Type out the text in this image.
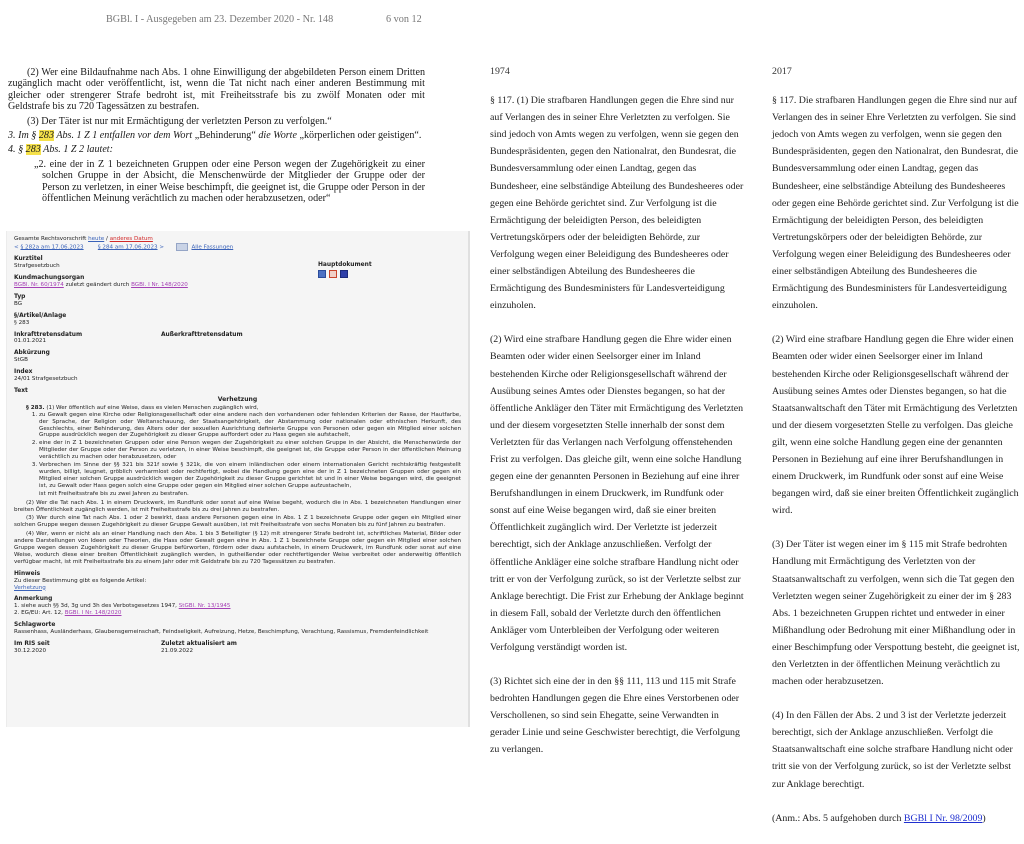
BGBl. I - Ausgegeben am 23. Dezember 2020 - Nr. 148	6 von 12

(2) Wer eine Bildaufnahme nach Abs. 1 ohne Einwilligung der abgebildeten Person einem Dritten zugänglich macht oder veröffentlicht, ist, wenn die Tat nicht nach einer anderen Bestimmung mit gleicher oder strengerer Strafe bedroht ist, mit Freiheitsstrafe bis zu zwölf Monaten oder mit Geldstrafe bis zu 720 Tagessätzen zu bestrafen.

(3) Der Täter ist nur mit Ermächtigung der verletzten Person zu verfolgen.“

3. Im § 283 Abs. 1 Z 1 entfallen vor dem Wort „Behinderung“ die Worte „körperlichen oder geistigen“.

4. § 283 Abs. 1 Z 2 lautet:

„2. eine der in Z 1 bezeichneten Gruppen oder eine Person wegen der Zugehörigkeit zu einer solchen Gruppe in der Absicht, die Menschenwürde der Mitglieder der Gruppe oder der Person zu verletzen, in einer Weise beschimpft, die geeignet ist, die Gruppe oder Person in der öffentlichen Meinung verächtlich zu machen oder herabzusetzen, oder“

Gesamte Rechtsvorschrift heute / anderes Datum
< § 282a am 17.06.2023	§ 284 am 17.06.2023 >	Alle Fassungen
Kurztitel
Strafgesetzbuch	Hauptdokument
Kundmachungsorgan
BGBl. Nr. 60/1974 zuletzt geändert durch BGBl. I Nr. 148/2020
Typ
BG
§/Artikel/Anlage
§ 283
Inkrafttretensdatum
01.01.2021
Außerkrafttretensdatum
Abkürzung
StGB
Index
24/01 Strafgesetzbuch
Text
Verhetzung
§ 283. (1) Wer öffentlich auf eine Weise, dass es vielen Menschen zugänglich wird,
1. zu Gewalt gegen eine Kirche oder Religionsgesellschaft oder eine andere nach den vorhandenen oder fehlenden Kriterien der Rasse, der Hautfarbe, der Sprache, der Religion oder Weltanschauung, der Staatsangehörigkeit, der Abstammung oder nationalen oder ethnischen Herkunft, des Geschlechts, einer Behinderung, des Alters oder der sexuellen Ausrichtung definierte Gruppe von Personen oder gegen ein Mitglied einer solchen Gruppe ausdrücklich wegen der Zugehörigkeit zu dieser Gruppe auffordert oder zu Hass gegen sie aufstachelt,
2. eine der in Z 1 bezeichneten Gruppen oder eine Person wegen der Zugehörigkeit zu einer solchen Gruppe in der Absicht, die Menschenwürde der Mitglieder der Gruppe oder der Person zu verletzen, in einer Weise beschimpft, die geeignet ist, die Gruppe oder Person in der öffentlichen Meinung verächtlich zu machen oder herabzusetzen, oder
3. Verbrechen im Sinne der §§ 321 bis 321f sowie § 321k, die von einem inländischen oder einem internationalen Gericht rechtskräftig festgestellt wurden, billigt, leugnet, gröblich verharmlost oder rechtfertigt, wobei die Handlung gegen eine der in Z 1 bezeichneten Gruppen oder gegen ein Mitglied einer solchen Gruppe ausdrücklich wegen der Zugehörigkeit zu dieser Gruppe gerichtet ist und in einer Weise begangen wird, die geeignet ist, zu Gewalt oder Hass gegen solch eine Gruppe oder gegen ein Mitglied einer solchen Gruppe aufzustacheln,
ist mit Freiheitsstrafe bis zu zwei Jahren zu bestrafen.
(2) Wer die Tat nach Abs. 1 in einem Druckwerk, im Rundfunk oder sonst auf eine Weise begeht, wodurch die in Abs. 1 bezeichneten Handlungen einer breiten Öffentlichkeit zugänglich werden, ist mit Freiheitsstrafe bis zu drei Jahren zu bestrafen.
(3) Wer durch eine Tat nach Abs. 1 oder 2 bewirkt, dass andere Personen gegen eine in Abs. 1 Z 1 bezeichnete Gruppe oder gegen ein Mitglied einer solchen Gruppe wegen dessen Zugehörigkeit zu dieser Gruppe Gewalt ausüben, ist mit Freiheitsstrafe von sechs Monaten bis zu fünf Jahren zu bestrafen.
(4) Wer, wenn er nicht als an einer Handlung nach den Abs. 1 bis 3 Beteiligter (§ 12) mit strengerer Strafe bedroht ist, schriftliches Material, Bilder oder andere Darstellungen von Ideen oder Theorien, die Hass oder Gewalt gegen eine in Abs. 1 Z 1 bezeichnete Gruppe oder gegen ein Mitglied einer solchen Gruppe wegen dessen Zugehörigkeit zu dieser Gruppe befürworten, fördern oder dazu aufstacheln, in einem Druckwerk, im Rundfunk oder sonst auf eine Weise, wodurch diese einer breiten Öffentlichkeit zugänglich werden, in gutheißender oder rechtfertigender Weise verbreitet oder anderweitig öffentlich verfügbar macht, ist mit Freiheitsstrafe bis zu einem Jahr oder mit Geldstrafe bis zu 720 Tagessätzen zu bestrafen.
Hinweis
Zu dieser Bestimmung gibt es folgende Artikel:
Verhetzung
Anmerkung
1. siehe auch §§ 3d, 3g und 3h des Verbotsgesetzes 1947, StGBl. Nr. 13/1945
2. EG/EU: Art. 12, BGBl. I Nr. 148/2020
Schlagworte
Rassenhass, Ausländerhass, Glaubensgemeinschaft, Feindseligkeit, Aufreizung, Hetze, Beschimpfung, Verachtung, Rassismus, Fremdenfeindlichkeit
Im RIS seit
30.12.2020
Zuletzt aktualisiert am
21.09.2022
1974

§ 117. (1) Die strafbaren Handlungen gegen die Ehre sind nur auf Verlangen des in seiner Ehre Verletzten zu verfolgen. Sie sind jedoch von Amts wegen zu verfolgen, wenn sie gegen den Bundespräsidenten, gegen den Nationalrat, den Bundesrat, die Bundesversammlung oder einen Landtag, gegen das Bundesheer, eine selbständige Abteilung des Bundesheeres oder gegen eine Behörde gerichtet sind. Zur Verfolgung ist die Ermächtigung der beleidigten Person, des beleidigten Vertretungskörpers oder der beleidigten Behörde, zur Verfolgung wegen einer Beleidigung des Bundesheeres oder einer selbständigen Abteilung des Bundesheeres die Ermächtigung des Bundesministers für Landesverteidigung einzuholen.

(2) Wird eine strafbare Handlung gegen die Ehre wider einen Beamten oder wider einen Seelsorger einer im Inland bestehenden Kirche oder Religionsgesellschaft während der Ausübung seines Amtes oder Dienstes begangen, so hat der öffentliche Ankläger den Täter mit Ermächtigung des Verletzten und der diesem vorgesetzten Stelle innerhalb der sonst dem Verletzten für das Verlangen nach Verfolgung offenstehenden Frist zu verfolgen. Das gleiche gilt, wenn eine solche Handlung gegen eine der genannten Personen in Beziehung auf eine ihrer Berufshandlungen in einem Druckwerk, im Rundfunk oder sonst auf eine Weise begangen wird, daß sie einer breiten Öffentlichkeit zugänglich wird. Der Verletzte ist jederzeit berechtigt, sich der Anklage anzuschließen. Verfolgt der öffentliche Ankläger eine solche strafbare Handlung nicht oder tritt er von der Verfolgung zurück, so ist der Verletzte selbst zur Anklage berechtigt. Die Frist zur Erhebung der Anklage beginnt in diesem Fall, sobald der Verletzte durch den öffentlichen Ankläger vom Unterbleiben der Verfolgung oder weiteren Verfolgung verständigt worden ist.

(3) Richtet sich eine der in den §§ 111, 113 und 115 mit Strafe bedrohten Handlungen gegen die Ehre eines Verstorbenen oder Verschollenen, so sind sein Ehegatte, seine Verwandten in gerader Linie und seine Geschwister berechtigt, die Verfolgung zu verlangen.

2017

§ 117. Die strafbaren Handlungen gegen die Ehre sind nur auf Verlangen des in seiner Ehre Verletzten zu verfolgen. Sie sind jedoch von Amts wegen zu verfolgen, wenn sie gegen den Bundespräsidenten, gegen den Nationalrat, den Bundesrat, die Bundesversammlung oder einen Landtag, gegen das Bundesheer, eine selbständige Abteilung des Bundesheeres oder gegen eine Behörde gerichtet sind. Zur Verfolgung ist die Ermächtigung der beleidigten Person, des beleidigten Vertretungskörpers oder der beleidigten Behörde, zur Verfolgung wegen einer Beleidigung des Bundesheeres oder einer selbständigen Abteilung des Bundesheeres die Ermächtigung des Bundesministers für Landesverteidigung einzuholen.

(2) Wird eine strafbare Handlung gegen die Ehre wider einen Beamten oder wider einen Seelsorger einer im Inland bestehenden Kirche oder Religionsgesellschaft während der Ausübung seines Amtes oder Dienstes begangen, so hat die Staatsanwaltschaft den Täter mit Ermächtigung des Verletzten und der diesem vorgesetzten Stelle zu verfolgen. Das gleiche gilt, wenn eine solche Handlung gegen eine der genannten Personen in Beziehung auf eine ihrer Berufshandlungen in einem Druckwerk, im Rundfunk oder sonst auf eine Weise begangen wird, daß sie einer breiten Öffentlichkeit zugänglich wird.

(3) Der Täter ist wegen einer im § 115 mit Strafe bedrohten Handlung mit Ermächtigung des Verletzten von der Staatsanwaltschaft zu verfolgen, wenn sich die Tat gegen den Verletzten wegen seiner Zugehörigkeit zu einer der im § 283 Abs. 1 bezeichneten Gruppen richtet und entweder in einer Mißhandlung oder Bedrohung mit einer Mißhandlung oder in einer Beschimpfung oder Verspottung besteht, die geeignet ist, den Verletzten in der öffentlichen Meinung verächtlich zu machen oder herabzusetzen.

(4) In den Fällen der Abs. 2 und 3 ist der Verletzte jederzeit berechtigt, sich der Anklage anzuschließen. Verfolgt die Staatsanwaltschaft eine solche strafbare Handlung nicht oder tritt sie von der Verfolgung zurück, so ist der Verletzte selbst zur Anklage berechtigt.

(Anm.: Abs. 5 aufgehoben durch BGBl I Nr. 98/2009)
